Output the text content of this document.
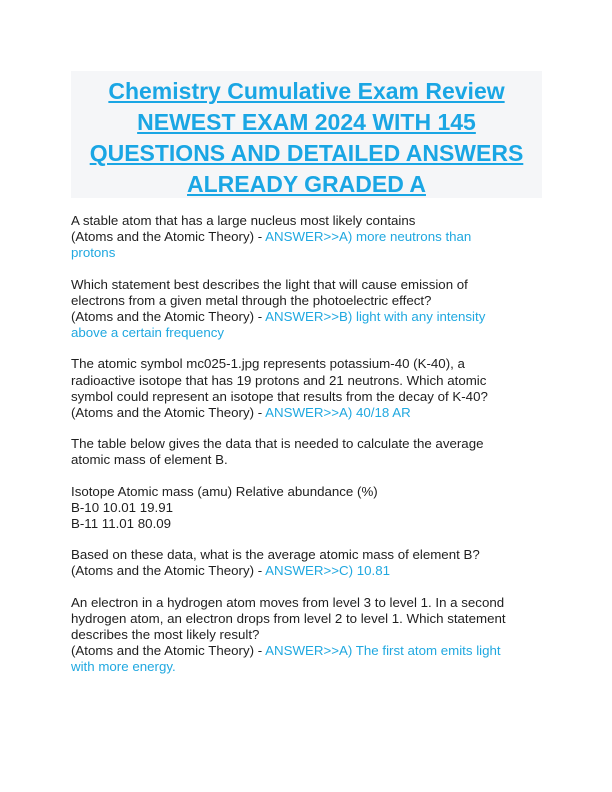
Chemistry Cumulative Exam Review
NEWEST EXAM 2024 WITH 145
QUESTIONS AND DETAILED ANSWERS
ALREADY GRADED A

A stable atom that has a large nucleus most likely contains
(Atoms and the Atomic Theory) - ANSWER>>A) more neutrons than
protons

Which statement best describes the light that will cause emission of
electrons from a given metal through the photoelectric effect?
(Atoms and the Atomic Theory) - ANSWER>>B) light with any intensity
above a certain frequency

The atomic symbol mc025-1.jpg represents potassium-40 (K-40), a
radioactive isotope that has 19 protons and 21 neutrons. Which atomic
symbol could represent an isotope that results from the decay of K-40?
(Atoms and the Atomic Theory) - ANSWER>>A) 40/18 AR

The table below gives the data that is needed to calculate the average
atomic mass of element B.

Isotope Atomic mass (amu) Relative abundance (%)
B-10 10.01 19.91
B-11 11.01 80.09

Based on these data, what is the average atomic mass of element B?
(Atoms and the Atomic Theory) - ANSWER>>C) 10.81

An electron in a hydrogen atom moves from level 3 to level 1. In a second
hydrogen atom, an electron drops from level 2 to level 1. Which statement
describes the most likely result?
(Atoms and the Atomic Theory) - ANSWER>>A) The first atom emits light
with more energy.
